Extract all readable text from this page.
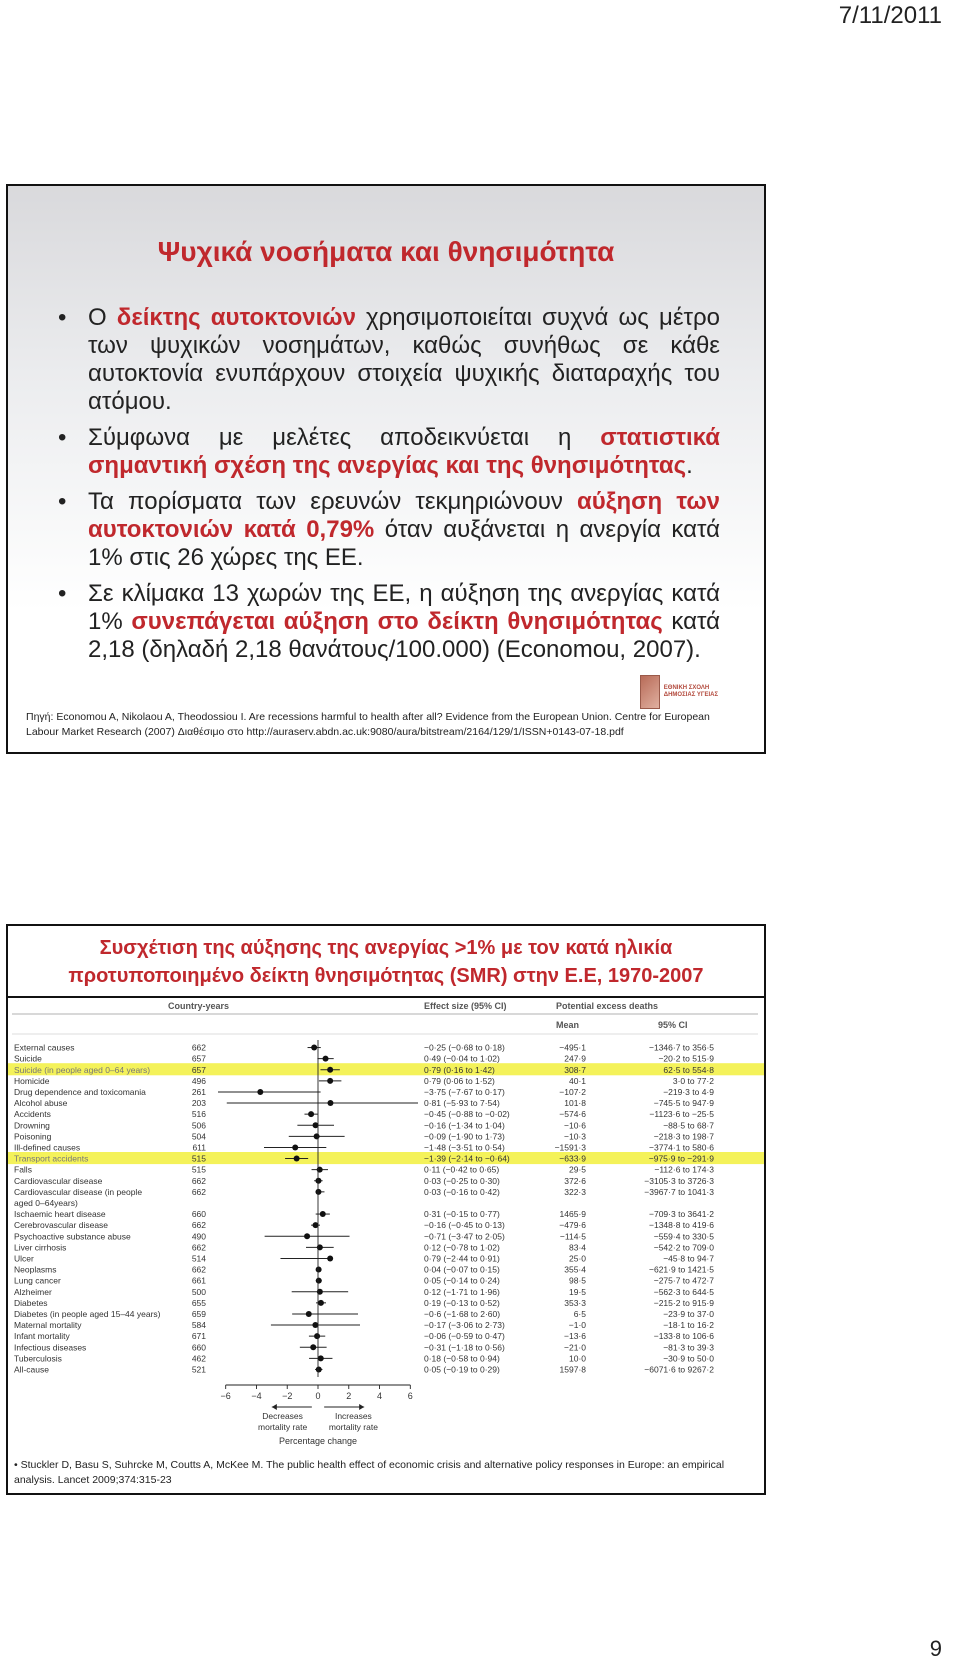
7/11/2011
Ψυχικά νοσήματα και θνησιμότητα
• Ο δείκτης αυτοκτονιών χρησιμοποιείται συχνά ως μέτρο των ψυχικών νοσημάτων, καθώς συνήθως σε κάθε αυτοκτονία ενυπάρχουν στοιχεία ψυχικής διαταραχής του ατόμου.
• Σύμφωνα με μελέτες αποδεικνύεται η στατιστικά σημαντική σχέση της ανεργίας και της θνησιμότητας.
• Τα πορίσματα των ερευνών τεκμηριώνουν αύξηση των αυτοκτονιών κατά 0,79% όταν αυξάνεται η ανεργία κατά 1% στις 26 χώρες της ΕΕ.
• Σε κλίμακα 13 χωρών της ΕΕ, η αύξηση της ανεργίας κατά 1% συνεπάγεται αύξηση στο δείκτη θνησιμότητας κατά 2,18 (δηλαδή 2,18 θανάτους/100.000) (Economou, 2007).
ΕΘΝΙΚΗ ΣΧΟΛΗ ΔΗΜΟΣΙΑΣ ΥΓΕΙΑΣ
Πηγή: Economou A, Nikolaou A, Theodossiou I. Are recessions harmful to health after all? Evidence from the European Union. Centre for European Labour Market Research (2007) Διαθέσιμο στο http://auraserv.abdn.ac.uk:9080/aura/bitstream/2164/129/1/ISSN+0143-07-18.pdf
Συσχέτιση της αύξησης της ανεργίας >1% με τον κατά ηλικία
προτυποποιημένο δείκτη θνησιμότητας (SMR) στην Ε.Ε, 1970-2007
Country-years	Effect size (95% CI)	Potential excess deaths
Mean	95% CI
External causes	662	−0·25 (−0·68 to 0·18)	−495·1	−1346·7 to 356·5
Suicide	657	0·49 (−0·04 to 1·02)	247·9	−20·2 to 515·9
Suicide (in people aged 0–64 years)	657	0·79 (0·16 to 1·42)	308·7	62·5 to 554·8
Homicide	496	0·79 (0·06 to 1·52)	40·1	3·0 to 77·2
Drug dependence and toxicomania	261	−3·75 (−7·67 to 0·17)	−107·2	−219·3 to 4·9
Alcohol abuse	203	0·81 (−5·93 to 7·54)	101·8	−745·5 to 947·9
Accidents	516	−0·45 (−0·88 to −0·02)	−574·6	−1123·6 to −25·5
Drowning	506	−0·16 (−1·34 to 1·04)	−10·6	−88·5 to 68·7
Poisoning	504	−0·09 (−1·90 to 1·73)	−10·3	−218·3 to 198·7
Ill-defined causes	611	−1·48 (−3·51 to 0·54)	−1591·3	−3774·1 to 580·6
Transport accidents	515	−1·39 (−2·14 to −0·64)	−633·9	−975·9 to −291·9
Falls	515	0·11 (−0·42 to 0·65)	29·5	−112·6 to 174·3
Cardiovascular disease	662	0·03 (−0·25 to 0·30)	372·6	−3105·3 to 3726·3
Cardiovascular disease (in people aged 0–64years)
662	0·03 (−0·16 to 0·42)	322·3	−3967·7 to 1041·3
Ischaemic heart disease	660	0·31 (−0·15 to 0·77)	1465·9	−709·3 to 3641·2
Cerebrovascular disease	662	−0·16 (−0·45 to 0·13)	−479·6	−1348·8 to 419·6
Psychoactive substance abuse	490	−0·71 (−3·47 to 2·05)	−114·5	−559·4 to 330·5
Liver cirrhosis	662	0·12 (−0·78 to 1·02)	83·4	−542·2 to 709·0
Ulcer	514	0·79 (−2·44 to 0·91)	25·0	−45·8 to 94·7
Neoplasms	662	0·04 (−0·07 to 0·15)	355·4	−621·9 to 1421·5
Lung cancer	661	0·05 (−0·14 to 0·24)	98·5	−275·7 to 472·7
Alzheimer	500	0·12 (−1·71 to 1·96)	19·5	−562·3 to 644·5
Diabetes	655	0·19 (−0·13 to 0·52)	353·3	−215·2 to 915·9
Diabetes (in people aged 15–44 years)	659	−0·6 (−1·68 to 2·60)	6·5	−23·9 to 37·0
Maternal mortality	584	−0·17 (−3·06 to 2·73)	−1·0	−18·1 to 16·2
Infant mortality	671	−0·06 (−0·59 to 0·47)	−13·6	−133·8 to 106·6
Infectious diseases	660	−0·31 (−1·18 to 0·56)	−21·0	−81·3 to 39·3
Tuberculosis	462	0·18 (−0·58 to 0·94)	10·0	−30·9 to 50·0
All-cause	521	0·05 (−0·19 to 0·29)	1597·8	−6071·6 to 9267·2
−6 −4 −2	0	2	4	6
Decreases
mortality rate
Increases
mortality rate
Percentage change
• Stuckler D, Basu S, Suhrcke M, Coutts A, McKee M. The public health effect of economic crisis and alternative policy responses in Europe: an empirical analysis. Lancet 2009;374:315-23
9
